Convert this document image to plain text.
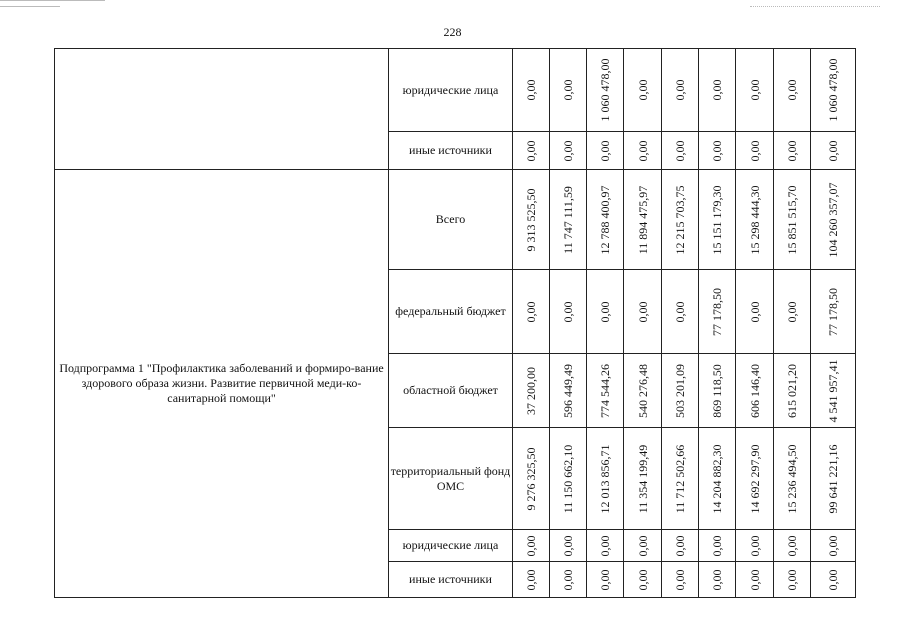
228
	юридические лица	0,00	0,00	1 060 478,00	0,00	0,00	0,00	0,00	0,00	1 060 478,00

	иные источники	0,00	0,00	0,00	0,00	0,00	0,00	0,00	0,00	0,00

Подпрограмма 1 "Профилактика заболеваний и формиро-вание здорового образа жизни. Развитие первичной меди-ко-санитарной помощи"	Всего	9 313 525,50	11 747 111,59	12 788 400,97	11 894 475,97	12 215 703,75	15 151 179,30	15 298 444,30	15 851 515,70	104 260 357,07

	федеральный бюджет	0,00	0,00	0,00	0,00	0,00	77 178,50	0,00	0,00	77 178,50

	областной бюджет	37 200,00	596 449,49	774 544,26	540 276,48	503 201,09	869 118,50	606 146,40	615 021,20	4 541 957,41

	территориальный фонд ОМС	9 276 325,50	11 150 662,10	12 013 856,71	11 354 199,49	11 712 502,66	14 204 882,30	14 692 297,90	15 236 494,50	99 641 221,16

	юридические лица	0,00	0,00	0,00	0,00	0,00	0,00	0,00	0,00	0,00

	иные источники	0,00	0,00	0,00	0,00	0,00	0,00	0,00	0,00	0,00
